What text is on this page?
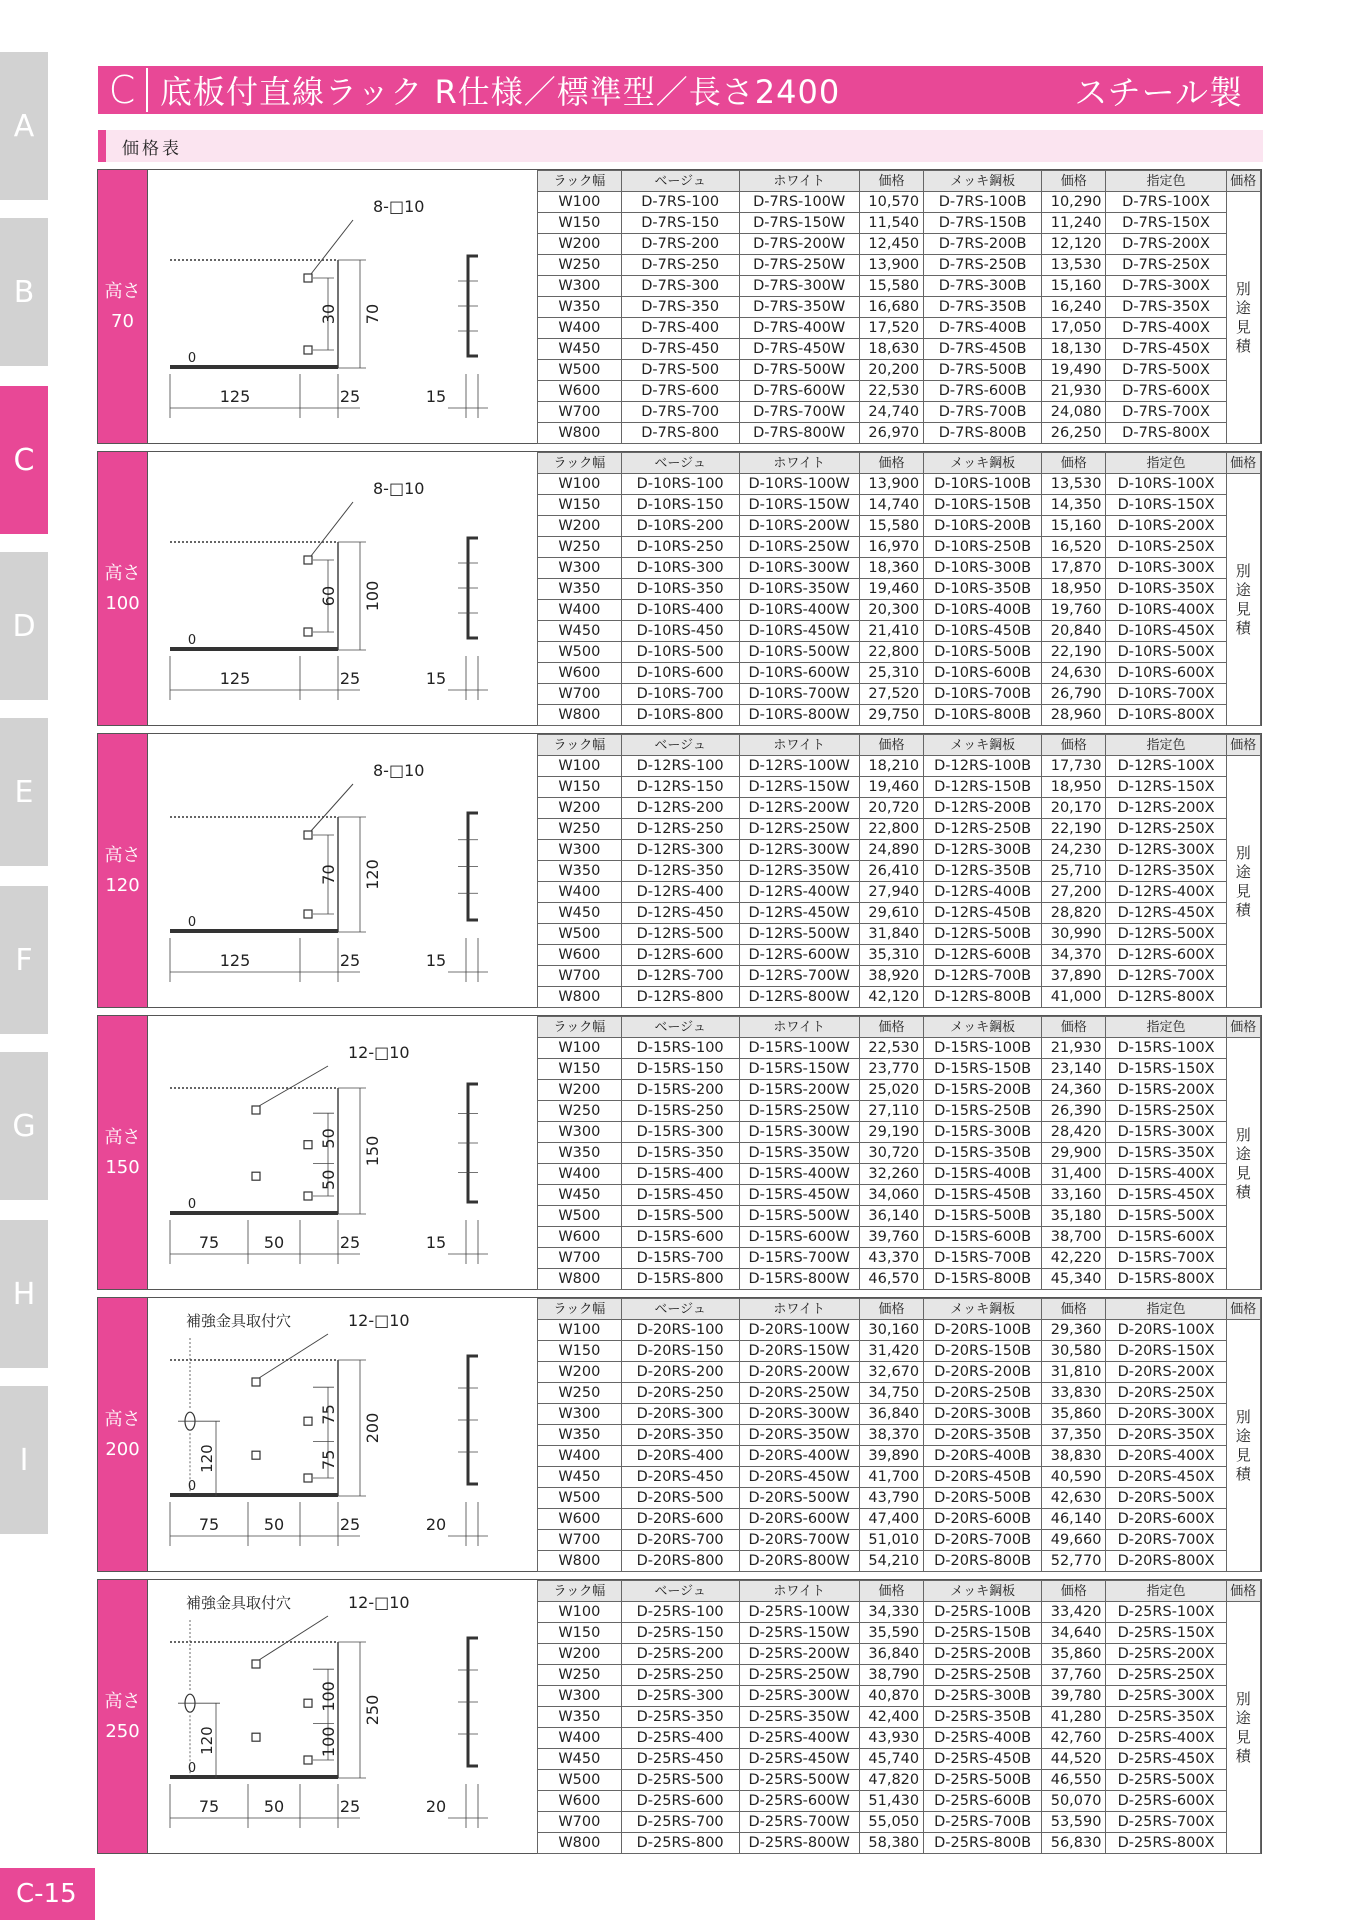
A
B
C
D
E
F
G
H
I
C 底板付直線ラック R仕様／標準型／長さ2400	スチール製
価格表
高さ
70
0
8-□10
30 70
125	25	15
ラック幅	ベージュ	ホワイト	価格	メッキ鋼板	価格	指定色	価格
W100	D-7RS-100	D-7RS-100W	10,570	D-7RS-100B	10,290	D-7RS-100X	別途見積
W150	D-7RS-150	D-7RS-150W	11,540	D-7RS-150B	11,240	D-7RS-150X	
W200	D-7RS-200	D-7RS-200W	12,450	D-7RS-200B	12,120	D-7RS-200X	
W250	D-7RS-250	D-7RS-250W	13,900	D-7RS-250B	13,530	D-7RS-250X	
W300	D-7RS-300	D-7RS-300W	15,580	D-7RS-300B	15,160	D-7RS-300X	
W350	D-7RS-350	D-7RS-350W	16,680	D-7RS-350B	16,240	D-7RS-350X	
W400	D-7RS-400	D-7RS-400W	17,520	D-7RS-400B	17,050	D-7RS-400X	
W450	D-7RS-450	D-7RS-450W	18,630	D-7RS-450B	18,130	D-7RS-450X	
W500	D-7RS-500	D-7RS-500W	20,200	D-7RS-500B	19,490	D-7RS-500X	
W600	D-7RS-600	D-7RS-600W	22,530	D-7RS-600B	21,930	D-7RS-600X	
W700	D-7RS-700	D-7RS-700W	24,740	D-7RS-700B	24,080	D-7RS-700X	
W800	D-7RS-800	D-7RS-800W	26,970	D-7RS-800B	26,250	D-7RS-800X	
高さ
100
0
8-□10
60 100
125	25	15
ラック幅	ベージュ	ホワイト	価格	メッキ鋼板	価格	指定色	価格
W100	D-10RS-100	D-10RS-100W	13,900	D-10RS-100B	13,530	D-10RS-100X	別途見積
W150	D-10RS-150	D-10RS-150W	14,740	D-10RS-150B	14,350	D-10RS-150X	
W200	D-10RS-200	D-10RS-200W	15,580	D-10RS-200B	15,160	D-10RS-200X	
W250	D-10RS-250	D-10RS-250W	16,970	D-10RS-250B	16,520	D-10RS-250X	
W300	D-10RS-300	D-10RS-300W	18,360	D-10RS-300B	17,870	D-10RS-300X	
W350	D-10RS-350	D-10RS-350W	19,460	D-10RS-350B	18,950	D-10RS-350X	
W400	D-10RS-400	D-10RS-400W	20,300	D-10RS-400B	19,760	D-10RS-400X	
W450	D-10RS-450	D-10RS-450W	21,410	D-10RS-450B	20,840	D-10RS-450X	
W500	D-10RS-500	D-10RS-500W	22,800	D-10RS-500B	22,190	D-10RS-500X	
W600	D-10RS-600	D-10RS-600W	25,310	D-10RS-600B	24,630	D-10RS-600X	
W700	D-10RS-700	D-10RS-700W	27,520	D-10RS-700B	26,790	D-10RS-700X	
W800	D-10RS-800	D-10RS-800W	29,750	D-10RS-800B	28,960	D-10RS-800X	
高さ
120
0
8-□10
70 120
125	25	15
ラック幅	ベージュ	ホワイト	価格	メッキ鋼板	価格	指定色	価格
W100	D-12RS-100	D-12RS-100W	18,210	D-12RS-100B	17,730	D-12RS-100X	別途見積
W150	D-12RS-150	D-12RS-150W	19,460	D-12RS-150B	18,950	D-12RS-150X	
W200	D-12RS-200	D-12RS-200W	20,720	D-12RS-200B	20,170	D-12RS-200X	
W250	D-12RS-250	D-12RS-250W	22,800	D-12RS-250B	22,190	D-12RS-250X	
W300	D-12RS-300	D-12RS-300W	24,890	D-12RS-300B	24,230	D-12RS-300X	
W350	D-12RS-350	D-12RS-350W	26,410	D-12RS-350B	25,710	D-12RS-350X	
W400	D-12RS-400	D-12RS-400W	27,940	D-12RS-400B	27,200	D-12RS-400X	
W450	D-12RS-450	D-12RS-450W	29,610	D-12RS-450B	28,820	D-12RS-450X	
W500	D-12RS-500	D-12RS-500W	31,840	D-12RS-500B	30,990	D-12RS-500X	
W600	D-12RS-600	D-12RS-600W	35,310	D-12RS-600B	34,370	D-12RS-600X	
W700	D-12RS-700	D-12RS-700W	38,920	D-12RS-700B	37,890	D-12RS-700X	
W800	D-12RS-800	D-12RS-800W	42,120	D-12RS-800B	41,000	D-12RS-800X	
高さ
150
0
12-□10
50
50
150
75	50	25	15
ラック幅	ベージュ	ホワイト	価格	メッキ鋼板	価格	指定色	価格
W100	D-15RS-100	D-15RS-100W	22,530	D-15RS-100B	21,930	D-15RS-100X	別途見積
W150	D-15RS-150	D-15RS-150W	23,770	D-15RS-150B	23,140	D-15RS-150X	
W200	D-15RS-200	D-15RS-200W	25,020	D-15RS-200B	24,360	D-15RS-200X	
W250	D-15RS-250	D-15RS-250W	27,110	D-15RS-250B	26,390	D-15RS-250X	
W300	D-15RS-300	D-15RS-300W	29,190	D-15RS-300B	28,420	D-15RS-300X	
W350	D-15RS-350	D-15RS-350W	30,720	D-15RS-350B	29,900	D-15RS-350X	
W400	D-15RS-400	D-15RS-400W	32,260	D-15RS-400B	31,400	D-15RS-400X	
W450	D-15RS-450	D-15RS-450W	34,060	D-15RS-450B	33,160	D-15RS-450X	
W500	D-15RS-500	D-15RS-500W	36,140	D-15RS-500B	35,180	D-15RS-500X	
W600	D-15RS-600	D-15RS-600W	39,760	D-15RS-600B	38,700	D-15RS-600X	
W700	D-15RS-700	D-15RS-700W	43,370	D-15RS-700B	42,220	D-15RS-700X	
W800	D-15RS-800	D-15RS-800W	46,570	D-15RS-800B	45,340	D-15RS-800X	
高さ
200
0
12-□10
補強金具取付穴
120
75
75
200
75	50	25	20
ラック幅	ベージュ	ホワイト	価格	メッキ鋼板	価格	指定色	価格
W100	D-20RS-100	D-20RS-100W	30,160	D-20RS-100B	29,360	D-20RS-100X	別途見積
W150	D-20RS-150	D-20RS-150W	31,420	D-20RS-150B	30,580	D-20RS-150X	
W200	D-20RS-200	D-20RS-200W	32,670	D-20RS-200B	31,810	D-20RS-200X	
W250	D-20RS-250	D-20RS-250W	34,750	D-20RS-250B	33,830	D-20RS-250X	
W300	D-20RS-300	D-20RS-300W	36,840	D-20RS-300B	35,860	D-20RS-300X	
W350	D-20RS-350	D-20RS-350W	38,370	D-20RS-350B	37,350	D-20RS-350X	
W400	D-20RS-400	D-20RS-400W	39,890	D-20RS-400B	38,830	D-20RS-400X	
W450	D-20RS-450	D-20RS-450W	41,700	D-20RS-450B	40,590	D-20RS-450X	
W500	D-20RS-500	D-20RS-500W	43,790	D-20RS-500B	42,630	D-20RS-500X	
W600	D-20RS-600	D-20RS-600W	47,400	D-20RS-600B	46,140	D-20RS-600X	
W700	D-20RS-700	D-20RS-700W	51,010	D-20RS-700B	49,660	D-20RS-700X	
W800	D-20RS-800	D-20RS-800W	54,210	D-20RS-800B	52,770	D-20RS-800X	
高さ
250
0
12-□10
補強金具取付穴
120
100
100
250
75	50	25	20
ラック幅	ベージュ	ホワイト	価格	メッキ鋼板	価格	指定色	価格
W100	D-25RS-100	D-25RS-100W	34,330	D-25RS-100B	33,420	D-25RS-100X	別途見積
W150	D-25RS-150	D-25RS-150W	35,590	D-25RS-150B	34,640	D-25RS-150X	
W200	D-25RS-200	D-25RS-200W	36,840	D-25RS-200B	35,860	D-25RS-200X	
W250	D-25RS-250	D-25RS-250W	38,790	D-25RS-250B	37,760	D-25RS-250X	
W300	D-25RS-300	D-25RS-300W	40,870	D-25RS-300B	39,780	D-25RS-300X	
W350	D-25RS-350	D-25RS-350W	42,400	D-25RS-350B	41,280	D-25RS-350X	
W400	D-25RS-400	D-25RS-400W	43,930	D-25RS-400B	42,760	D-25RS-400X	
W450	D-25RS-450	D-25RS-450W	45,740	D-25RS-450B	44,520	D-25RS-450X	
W500	D-25RS-500	D-25RS-500W	47,820	D-25RS-500B	46,550	D-25RS-500X	
W600	D-25RS-600	D-25RS-600W	51,430	D-25RS-600B	50,070	D-25RS-600X	
W700	D-25RS-700	D-25RS-700W	55,050	D-25RS-700B	53,590	D-25RS-700X	
W800	D-25RS-800	D-25RS-800W	58,380	D-25RS-800B	56,830	D-25RS-800X	
C-15
